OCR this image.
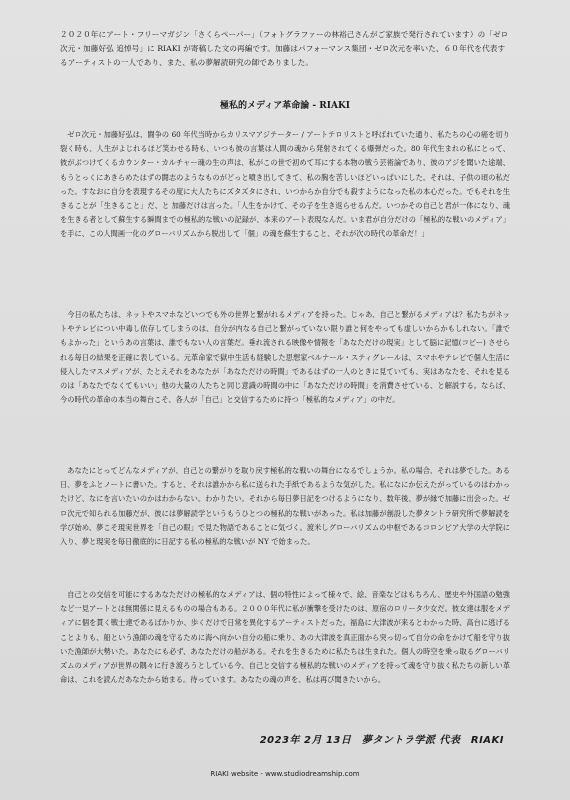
２０２０年にアート・フリーマガジン「さくらペーパー」（フォトグラファーの林裕己さんがご家族で発行されています）の「ゼロ次元・加藤好弘 追悼号」に RIAKI が寄稿した文の再編です。加藤はパフォーマンス集団・ゼロ次元を率いた、６０年代を代表するアーティストの一人であり、また、私の夢解読研究の師でありました。

極私的メディア革命論 - RIAKI

ゼロ次元・加藤好弘は、闘争の 60 年代当時からカリスマアジテーター / アートテロリストと呼ばれていた通り、私たちの心の癌を切り裂く時も、人生がよじれるほど笑わせる時も、いつも彼の言葉は人間の魂から発射されてくる爆弾だった。80 年代生まれの私にとって、彼がぶつけてくるカウンター・カルチャー魂の生の声は、私がこの世で初めて耳にする本物の戦う芸術論であり、彼のアジを聞いた途端、もうとっくにあきらめたはずの闘志のようなものがどっと噴き出してきて、私の胸を苦しいほどいっぱいにした。それは、子供の頃の私だった。すなおに自分を表現するその度に大人たちにズタズタにされ、いつからか自分でも殺すようになった私の本心だった。でもそれを生きることが「生きること」だ、と 加藤だけは言った。「人生をかけて、その子を生き返らせるんだ。いつかその自己と君が一体になり、魂を生きる者として蘇生する瞬間までの極私的な戦いの記録が、本来のアート表現なんだ。いま君が自分だけの「極私的な戦いのメディア」を手に、この人間画一化のグローバリズムから脱出して「個」の魂を蘇生すること、それが次の時代の革命だ！」

今日の私たちは、ネットやスマホなどいつでも外の世界と繋がれるメディアを持った。じゃあ、自己と繋がるメディアは？私たちがネットやテレビについ中毒し依存してしまうのは、自分が内なる自己と繋がっていない限り誰と何をやっても虚しいからかもしれない。「誰でもよかった」というあの言葉は、誰でもない人の言葉だ。垂れ流される映像や情報を「あなただけの現実」として脳に記憶(コピー) させられる毎日の結果を正確に表している。元革命家で獄中生活も経験した思想家ベルナール・スティグレールは、スマホやテレビで個人生活に侵入したマスメディアが、たとえそれをあなたが「あなただけの時間」であるはずの一人のときに見ていても、実はあなたを、それを見るのは「あなたでなくてもいい」他の大量の人たちと同じ意識の時間の中に「あなただけの時間」を消費させている、と解説する。ならば、今の時代の革命の本当の舞台こそ、各人が「自己」と交信するために持つ「極私的なメディア」の中だ。

あなたにとってどんなメディアが、自己との繋がりを取り戻す極私的な戦いの舞台になるでしょうか。私の場合、それは夢でした。ある日、夢をふとノートに書いた。すると、それは誰かから私に送られた手紙であるような気がした。私になにか伝えたがっているのはわかったけど、なにを言いたいのかはわからない。わかりたい。それから毎日夢日記をつけるようになり、数年後、夢が縁で加藤に出会った。ゼロ次元で知られる加藤だが、彼には夢解読学というもうひとつの極私的な戦いがあった。私は加藤が創設した夢タントラ研究所で夢解読を学び始め、夢こそ現実世界を「自己の眼」で見た物語であることに気づく。渡米しグローバリズムの中枢であるコロンビア大学の大学院に入り、夢と現実を毎日徹底的に日記する私の極私的な戦いが NY で始まった。

自己との交信を可能にするあなただけの極私的なメディアは、個の特性によって様々で、絵、音楽などはもちろん、歴史や外国語の勉強など一見アートとは無関係に見えるものの場合もある。２０００年代に私が衝撃を受けたのは、原宿のロリータ少女だ。彼女達は服をメディアに個を貫く戦士達であるばかりか、歩くだけで日常を異化するアーティストだった。福島に大津波が来るとわかった時、高台に逃げることよりも、船という漁師の魂を守るために海へ向かい自分の船に乗り、あの大津波を真正面から突っ切って自分の命をかけて船を守り抜いた漁師が大勢いた。あなたにも必ず、あなただけの船がある。それを生きるために私たちは生まれた。個人の時空を乗っ取るグローバリズムのメディアが世界の隅々に行き渡ろうとしている今、自己と交信する極私的な戦いのメディアを持って魂を守り抜く私たちの新しい革命は、これを読んだあなたから始まる。待っています。あなたの魂の声を、私は再び聞きたいから。

2023年 2月 13日　夢タントラ学派 代表　RIAKI

RIAKI website - www.studiodreamship.com
